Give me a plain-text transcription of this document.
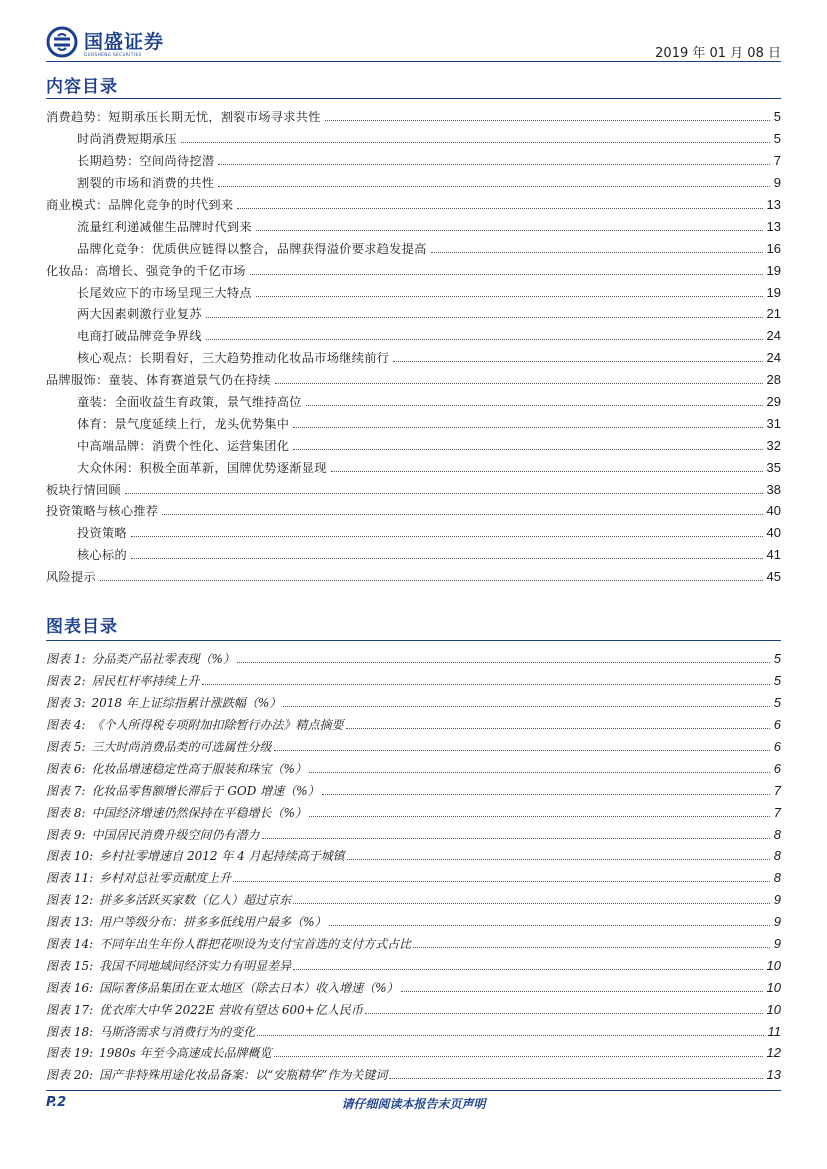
国盛证券
GUOSHENG SECURITIES	2019 年 01 月 08 日
内容目录
消费趋势：短期承压长期无忧，割裂市场寻求共性	5
时尚消费短期承压	5
长期趋势：空间尚待挖潜	7
割裂的市场和消费的共性	9
商业模式：品牌化竞争的时代到来	13
流量红利递减催生品牌时代到来	13
品牌化竞争：优质供应链得以整合，品牌获得溢价要求趋发提高	16
化妆品：高增长、强竞争的千亿市场	19
长尾效应下的市场呈现三大特点	19
两大因素刺激行业复苏	21
电商打破品牌竞争界线	24
核心观点：长期看好，三大趋势推动化妆品市场继续前行	24
品牌服饰：童装、体育赛道景气仍在持续	28
童装：全面收益生育政策，景气维持高位	29
体育：景气度延续上行，龙头优势集中	31
中高端品牌：消费个性化、运营集团化	32
大众休闲：积极全面革新，国牌优势逐渐显现	35
板块行情回顾	38
投资策略与核心推荐	40
投资策略	40
核心标的	41
风险提示	45
图表目录
图表 1: 分品类产品社零表现（%）	5
图表 2: 居民杠杆率持续上升	5
图表 3: 2018 年上证综指累计涨跌幅（%）	5
图表 4: 《个人所得税专项附加扣除暂行办法》精点摘要	6
图表 5: 三大时尚消费品类的可选属性分级	6
图表 6: 化妆品增速稳定性高于服装和珠宝（%）	6
图表 7: 化妆品零售额增长滞后于 GOD 增速（%）	7
图表 8: 中国经济增速仍然保持在平稳增长（%）	7
图表 9: 中国居民消费升级空间仍有潜力	8
图表 10: 乡村社零增速自 2012 年 4 月起持续高于城镇	8
图表 11: 乡村对总社零贡献度上升	8
图表 12: 拼多多活跃买家数（亿人）超过京东	9
图表 13: 用户等级分布：拼多多低线用户最多（%）	9
图表 14: 不同年出生年份人群把花呗设为支付宝首选的支付方式占比	9
图表 15: 我国不同地域间经济实力有明显差异	10
图表 16: 国际奢侈品集团在亚太地区（除去日本）收入增速（%）	10
图表 17: 优衣库大中华 2022E 营收有望达 600+亿人民币	10
图表 18: 马斯洛需求与消费行为的变化	11
图表 19: 1980s 年至今高速成长品牌概览	12
图表 20: 国产非特殊用途化妆品备案：以“安瓶精华”作为关键词	13
P.2	请仔细阅读本报告末页声明
